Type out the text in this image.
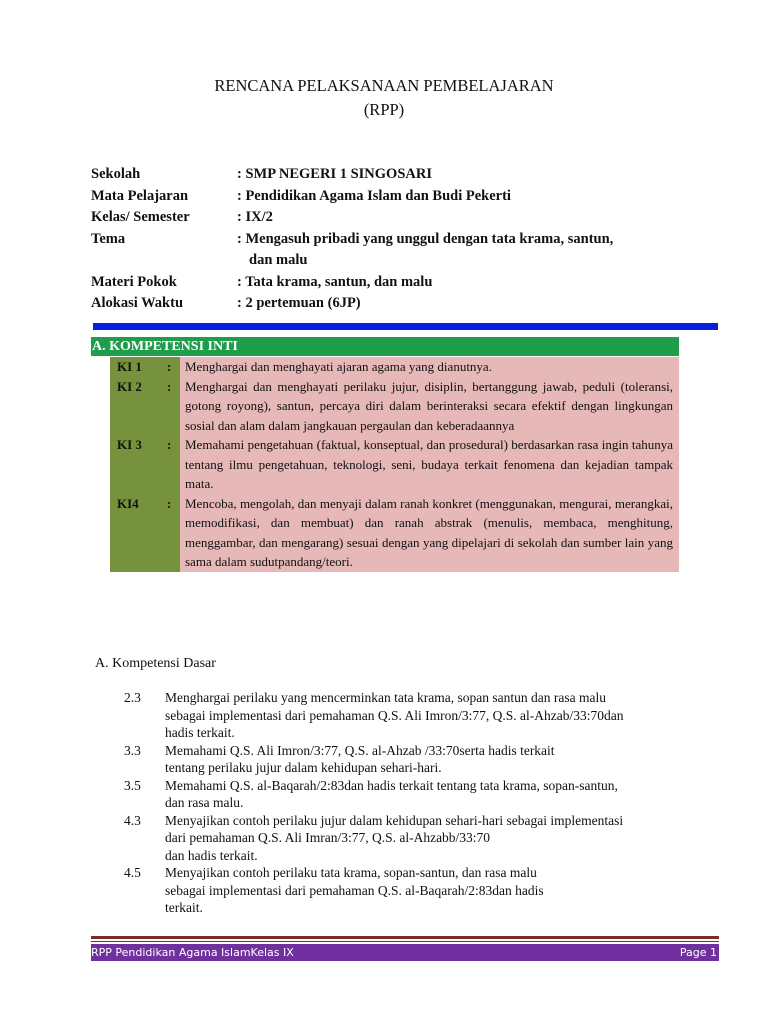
RENCANA PELAKSANAAN PEMBELAJARAN
(RPP)
Sekolah	: SMP NEGERI 1 SINGOSARI
Mata Pelajaran	: Pendidikan Agama Islam dan Budi Pekerti
Kelas/ Semester	: IX/2
Tema	: Mengasuh pribadi yang unggul dengan tata krama, santun,
dan malu
Materi Pokok	: Tata krama, santun, dan malu
Alokasi Waktu	: 2 pertemuan (6JP)
A. KOMPETENSI INTI
KI 1	:	Menghargai dan menghayati ajaran agama yang dianutnya.
KI 2	:	Menghargai dan menghayati perilaku jujur, disiplin, bertanggung jawab, peduli (toleransi, gotong royong), santun, percaya diri dalam berinteraksi secara efektif dengan lingkungan sosial dan alam dalam jangkauan pergaulan dan keberadaannya
KI 3	:	Memahami pengetahuan (faktual, konseptual, dan prosedural) berdasarkan rasa ingin tahunya tentang ilmu pengetahuan, teknologi, seni, budaya terkait fenomena dan kejadian tampak mata.
KI4	:	Mencoba, mengolah, dan menyaji dalam ranah konkret (menggunakan, mengurai, merangkai, memodifikasi, dan membuat) dan ranah abstrak (menulis, membaca, menghitung, menggambar, dan mengarang) sesuai dengan yang dipelajari di sekolah dan sumber lain yang sama dalam sudutpandang/teori.
A. Kompetensi Dasar
2.3	Menghargai perilaku yang mencerminkan tata krama, sopan santun dan rasa malu
sebagai implementasi dari pemahaman Q.S. Ali Imron/3:77, Q.S. al-Ahzab/33:70dan
hadis terkait.
3.3	Memahami Q.S. Ali Imron/3:77, Q.S. al-Ahzab /33:70serta hadis terkait
tentang perilaku jujur dalam kehidupan sehari-hari.
3.5	Memahami Q.S. al-Baqarah/2:83dan hadis terkait tentang tata krama, sopan-santun,
dan rasa malu.
4.3	Menyajikan contoh perilaku jujur dalam kehidupan sehari-hari sebagai implementasi
dari pemahaman Q.S. Ali Imran/3:77, Q.S. al-Ahzabb/33:70
dan hadis terkait.
4.5	Menyajikan contoh perilaku tata krama, sopan-santun, dan rasa malu
sebagai implementasi dari pemahaman Q.S. al-Baqarah/2:83dan hadis
terkait.
RPP Pendidikan Agama IslamKelas IX	Page 1
